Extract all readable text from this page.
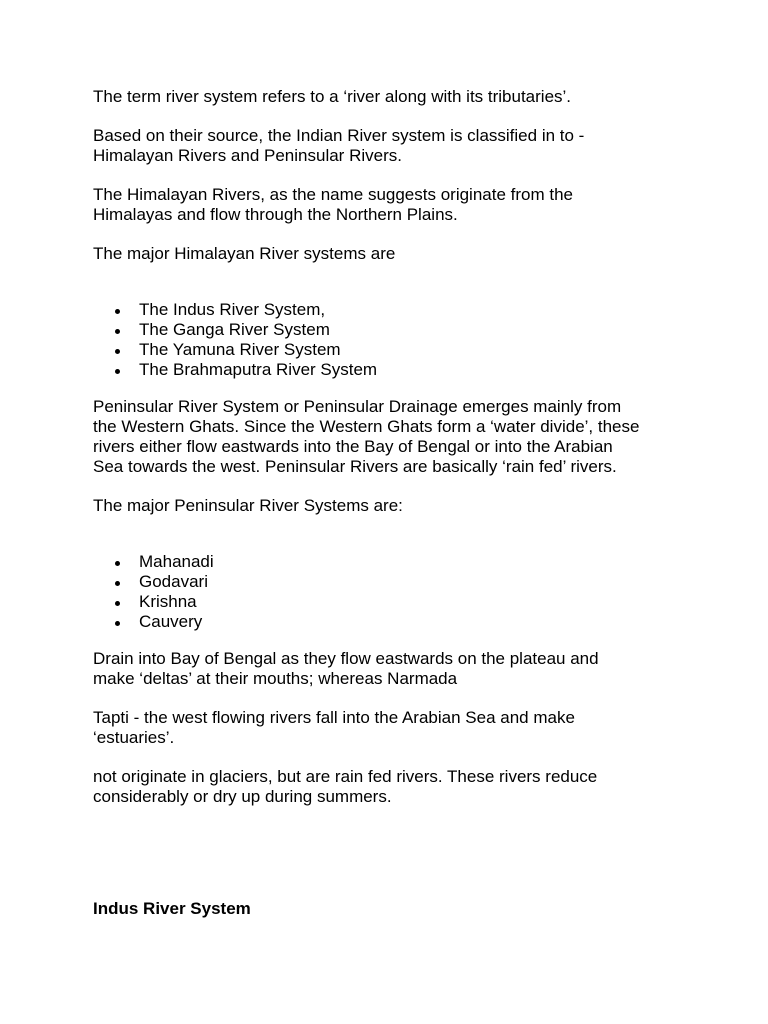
The term river system refers to a ‘river along with its tributaries’.

Based on their source, the Indian River system is classified in to -
Himalayan Rivers and Peninsular Rivers.

The Himalayan Rivers, as the name suggests originate from the
Himalayas and flow through the Northern Plains.

The major Himalayan River systems are

The Indus River System,
The Ganga River System
The Yamuna River System
The Brahmaputra River System

Peninsular River System or Peninsular Drainage emerges mainly from
the Western Ghats. Since the Western Ghats form a ‘water divide’, these
rivers either flow eastwards into the Bay of Bengal or into the Arabian
Sea towards the west. Peninsular Rivers are basically ‘rain fed’ rivers.

The major Peninsular River Systems are:

Mahanadi
Godavari
Krishna
Cauvery

Drain into Bay of Bengal as they flow eastwards on the plateau and
make ‘deltas’ at their mouths; whereas Narmada

Tapti - the west flowing rivers fall into the Arabian Sea and make
‘estuaries’.

not originate in glaciers, but are rain fed rivers. These rivers reduce
considerably or dry up during summers.

Indus River System
